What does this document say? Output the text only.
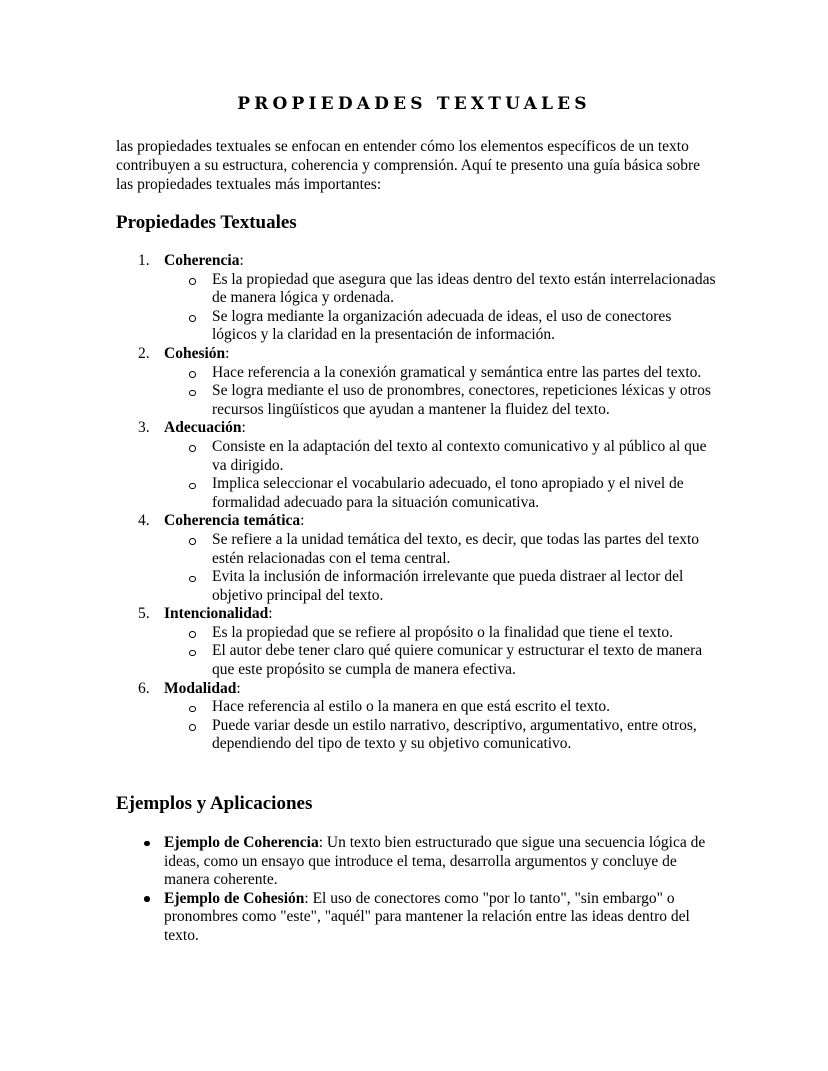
PROPIEDADES TEXTUALES

las propiedades textuales se enfocan en entender cómo los elementos específicos de un texto contribuyen a su estructura, coherencia y comprensión. Aquí te presento una guía básica sobre las propiedades textuales más importantes:

Propiedades Textuales
1. Coherencia:
Es la propiedad que asegura que las ideas dentro del texto están interrelacionadas de manera lógica y ordenada.
Se logra mediante la organización adecuada de ideas, el uso de conectores lógicos y la claridad en la presentación de información.
2. Cohesión:
Hace referencia a la conexión gramatical y semántica entre las partes del texto.
Se logra mediante el uso de pronombres, conectores, repeticiones léxicas y otros recursos lingüísticos que ayudan a mantener la fluidez del texto.
3. Adecuación:
Consiste en la adaptación del texto al contexto comunicativo y al público al que va dirigido.
Implica seleccionar el vocabulario adecuado, el tono apropiado y el nivel de formalidad adecuado para la situación comunicativa.
4. Coherencia temática:
Se refiere a la unidad temática del texto, es decir, que todas las partes del texto estén relacionadas con el tema central.
Evita la inclusión de información irrelevante que pueda distraer al lector del objetivo principal del texto.
5. Intencionalidad:
Es la propiedad que se refiere al propósito o la finalidad que tiene el texto.
El autor debe tener claro qué quiere comunicar y estructurar el texto de manera que este propósito se cumpla de manera efectiva.
6. Modalidad:
Hace referencia al estilo o la manera en que está escrito el texto.
Puede variar desde un estilo narrativo, descriptivo, argumentativo, entre otros, dependiendo del tipo de texto y su objetivo comunicativo.
Ejemplos y Aplicaciones
Ejemplo de Coherencia: Un texto bien estructurado que sigue una secuencia lógica de ideas, como un ensayo que introduce el tema, desarrolla argumentos y concluye de manera coherente.
Ejemplo de Cohesión: El uso de conectores como "por lo tanto", "sin embargo" o pronombres como "este", "aquél" para mantener la relación entre las ideas dentro del texto.
